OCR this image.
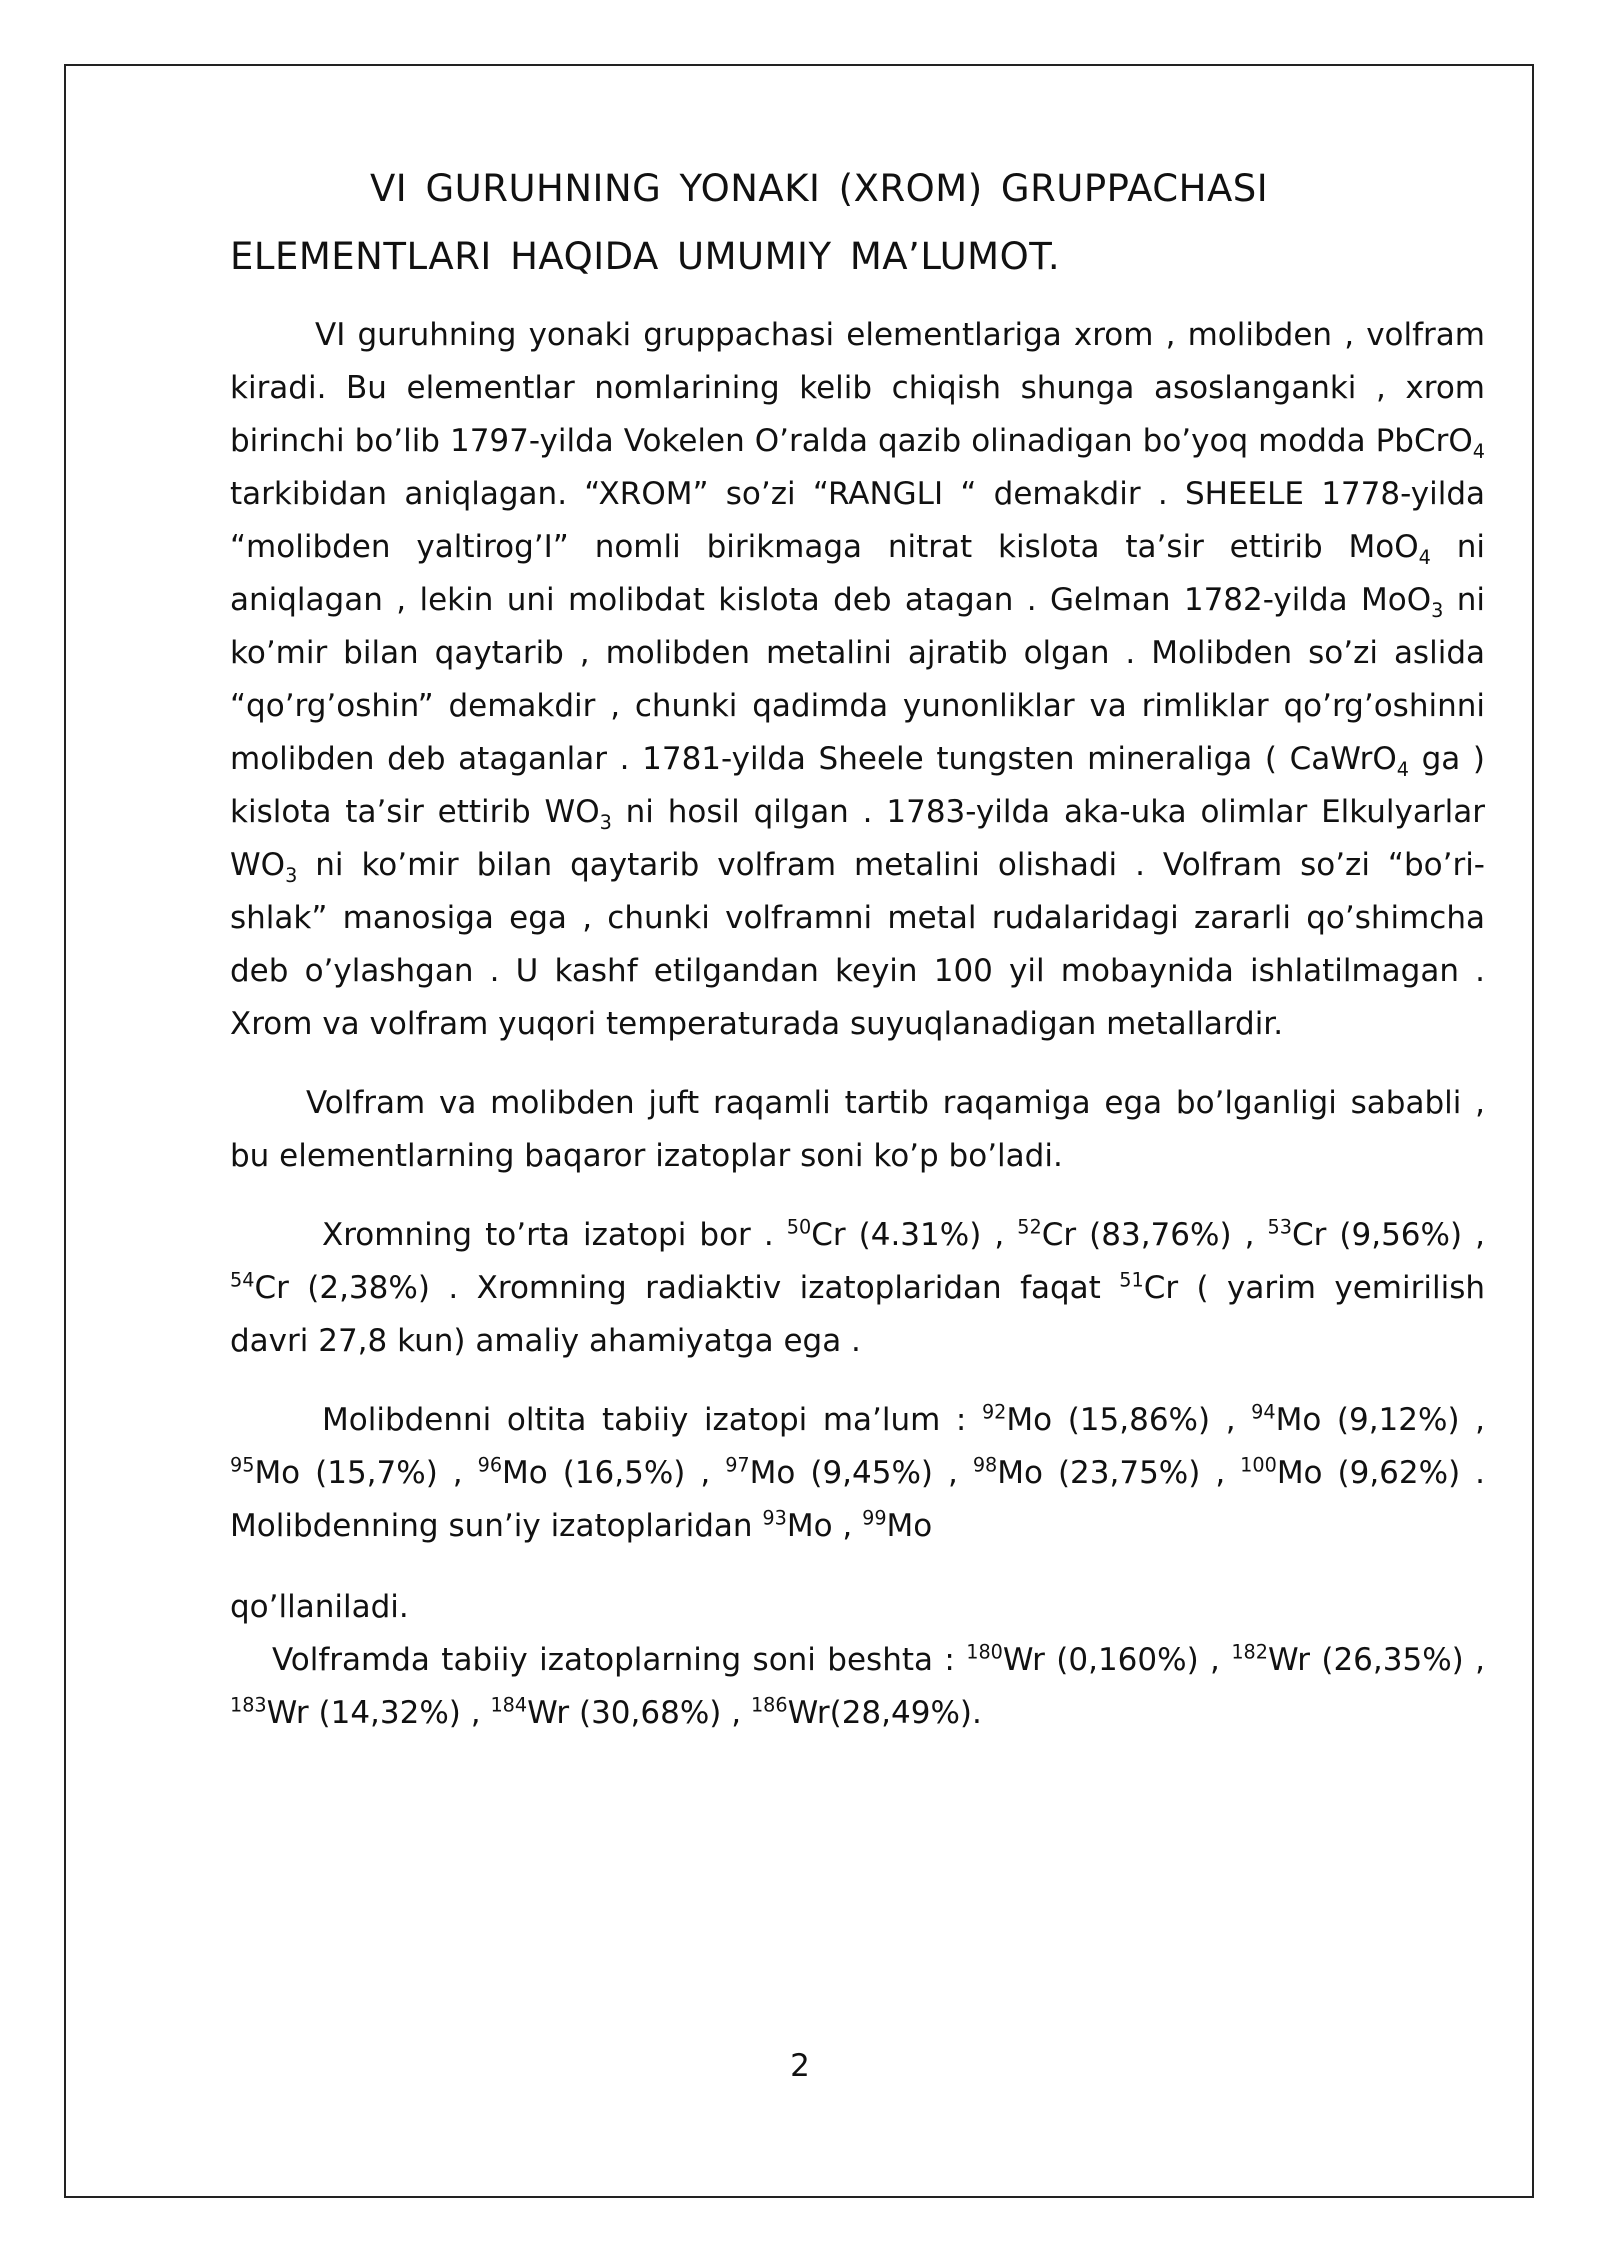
VI GURUHNING YONAKI (XROM) GRUPPACHASI
ELEMENTLARI HAQIDA UMUMIY MA’LUMOT.

VI guruhning yonaki gruppachasi elementlariga xrom , molibden , volfram kiradi. Bu elementlar nomlarining kelib chiqish shunga asoslanganki , xrom birinchi bo’lib 1797-yilda Vokelen O’ralda qazib olinadigan bo’yoq modda PbCrO$_4$ tarkibidan aniqlagan. “XROM” so’zi “RANGLI “ demakdir . SHEELE 1778-yilda “molibden yaltirog’I” nomli birikmaga nitrat kislota ta’sir ettirib MoO$_4$ ni aniqlagan , lekin uni molibdat kislota deb atagan . Gelman 1782-yilda MoO$_3$ ni ko’mir bilan qaytarib , molibden metalini ajratib olgan . Molibden so’zi aslida “qo’rg’oshin” demakdir , chunki qadimda yunonliklar va rimliklar qo’rg’oshinni molibden deb ataganlar . 1781-yilda Sheele tungsten mineraliga ( CaWrO$_4$ ga ) kislota ta’sir ettirib $WO_3$ ni hosil qilgan . 1783-yilda aka-uka olimlar Elkulyarlar $WO_3$ ni ko’mir bilan qaytarib volfram metalini olishadi . Volfram so’zi “bo’ri-shlak” manosiga ega , chunki volframni metal rudalaridagi zararli qo’shimcha deb o’ylashgan . U kashf etilgandan keyin 100 yil mobaynida ishlatilmagan . Xrom va volfram yuqori temperaturada suyuqlanadigan metallardir.

Volfram va molibden juft raqamli tartib raqamiga ega bo’lganligi sababli , bu elementlarning baqaror izatoplar soni ko’p bo’ladi.

Xromning to’rta izatopi bor . $^{50}$Cr (4.31%) , $^{52}$Cr (83,76%) , $^{53}$Cr (9,56%) , $^{54}$Cr (2,38%) . Xromning radiaktiv izatoplaridan faqat $^{51}$Cr ( yarim yemirilish davri 27,8 kun) amaliy ahamiyatga ega .

Molibdenni oltita tabiiy izatopi ma’lum : $^{92}$Mo (15,86%) , $^{94}$Mo (9,12%) , $^{95}$Mo (15,7%) , $^{96}$Mo (16,5%) , $^{97}$Mo (9,45%) , $^{98}$Mo (23,75%) , $^{100}$Mo (9,62%) . Molibdenning sun’iy izatoplaridan $^{93}$Mo , $^{99}$Mo

qo’llaniladi.

Volframda tabiiy izatoplarning soni beshta : $^{180}$Wr (0,160%) , $^{182}$Wr (26,35%) , $^{183}$Wr (14,32%) , $^{184}$Wr (30,68%) , $^{186}$Wr(28,49%).

2
